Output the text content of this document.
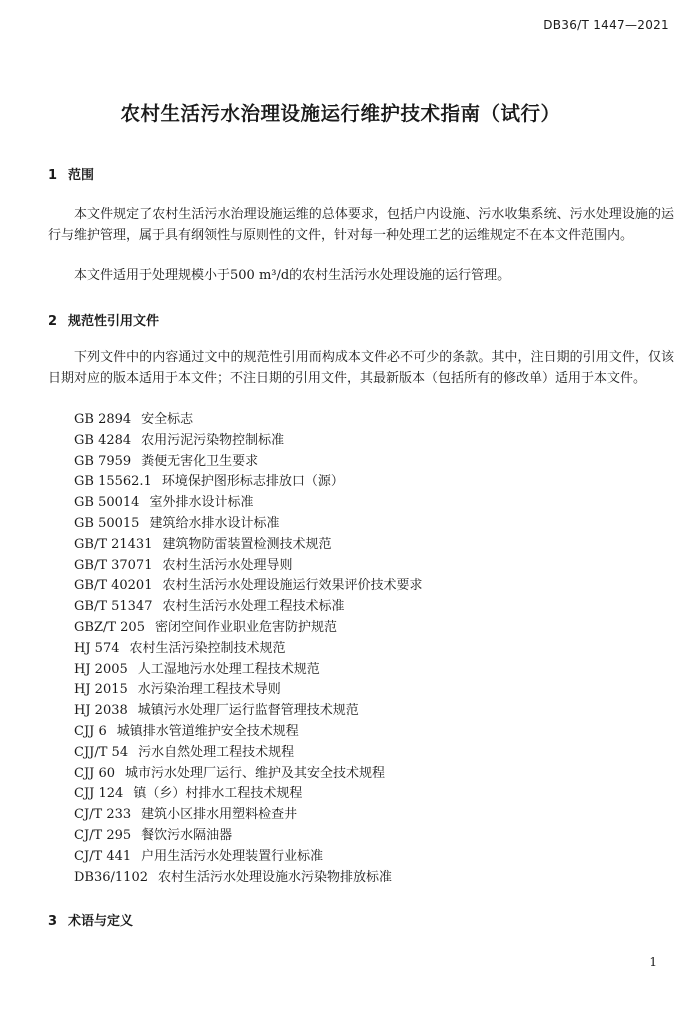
DB36/T 1447—2021
农村生活污水治理设施运行维护技术指南（试行）
1 范围

本文件规定了农村生活污水治理设施运维的总体要求，包括户内设施、污水收集系统、污水处理设施的运行与维护管理，属于具有纲领性与原则性的文件，针对每一种处理工艺的运维规定不在本文件范围内。

本文件适用于处理规模小于500 m³/d的农村生活污水处理设施的运行管理。

2 规范性引用文件

下列文件中的内容通过文中的规范性引用而构成本文件必不可少的条款。其中，注日期的引用文件，仅该日期对应的版本适用于本文件；不注日期的引用文件，其最新版本（包括所有的修改单）适用于本文件。

GB 2894 安全标志
GB 4284 农用污泥污染物控制标准
GB 7959 粪便无害化卫生要求
GB 15562.1 环境保护图形标志排放口（源）
GB 50014 室外排水设计标准
GB 50015 建筑给水排水设计标准
GB/T 21431 建筑物防雷装置检测技术规范
GB/T 37071 农村生活污水处理导则
GB/T 40201 农村生活污水处理设施运行效果评价技术要求
GB/T 51347 农村生活污水处理工程技术标准
GBZ/T 205 密闭空间作业职业危害防护规范
HJ 574 农村生活污染控制技术规范
HJ 2005 人工湿地污水处理工程技术规范
HJ 2015 水污染治理工程技术导则
HJ 2038 城镇污水处理厂运行监督管理技术规范
CJJ 6 城镇排水管道维护安全技术规程
CJJ/T 54 污水自然处理工程技术规程
CJJ 60 城市污水处理厂运行、维护及其安全技术规程
CJJ 124 镇（乡）村排水工程技术规程
CJ/T 233 建筑小区排水用塑料检查井
CJ/T 295 餐饮污水隔油器
CJ/T 441 户用生活污水处理装置行业标准
DB36/1102 农村生活污水处理设施水污染物排放标准
3 术语与定义
1
